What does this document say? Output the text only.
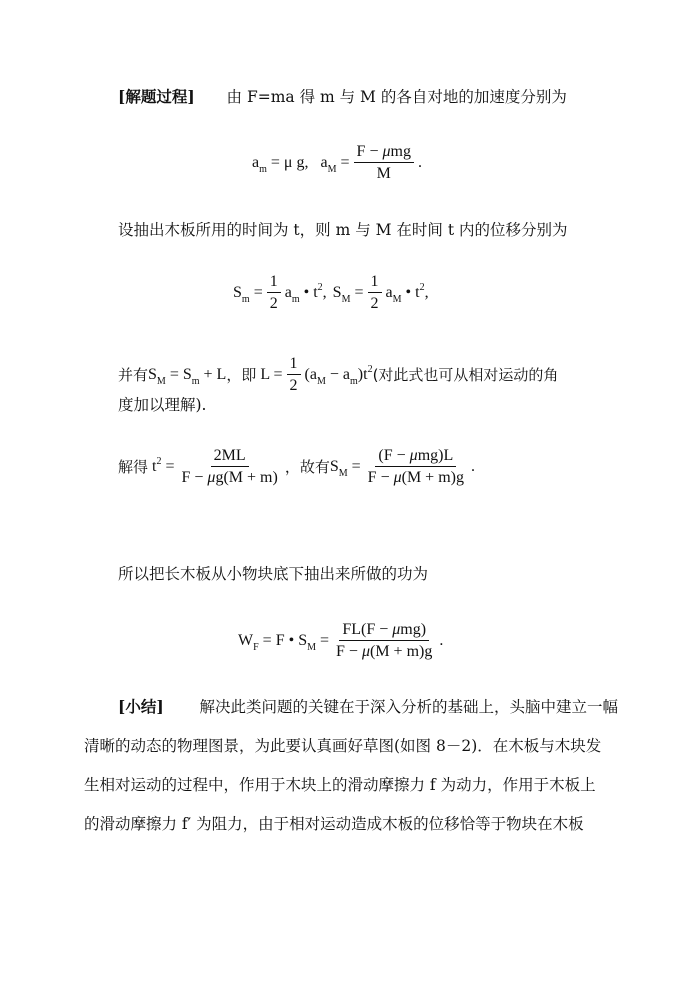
[解题过程] 由 F=ma 得 m 与 M 的各自对地的加速度分别为
$a_m = \mu$ g, $a_M = \frac{\text{F − μmg}}{M}$ .
设抽出木板所用的时间为 t，则 m 与 M 在时间 t 内的位移分别为
$S_m = \frac{1}{2} a_m$ • $t^2$, $S_M = \frac{1}{2} a_M$ • $t^2$,
并有 $S_M = S_m + L$ ，即 $L = \frac{1}{2} (a_M - a_m)t^2$ (对此式也可从相对运动的角
度加以理解).
解得 $t^2 = \frac{2ML}{F - \mu g(M + m)}$ ，故有 $S_M = \frac{\text{(F − μmg)L}}{F - \mu(M + m)g}$ .
所以把长木板从小物块底下抽出来所做的功为
$W_F = F$ • $S_M = \frac{\text{FL(F − μmg)}}{F - \mu(M + m)g}$ .
[小结] 解决此类问题的关键在于深入分析的基础上，头脑中建立一幅
清晰的动态的物理图景，为此要认真画好草图(如图 8－2)．在木板与木块发
生相对运动的过程中，作用于木块上的滑动摩擦力 f 为动力，作用于木板上
的滑动摩擦力 f′ 为阻力，由于相对运动造成木板的位移恰等于物块在木板
